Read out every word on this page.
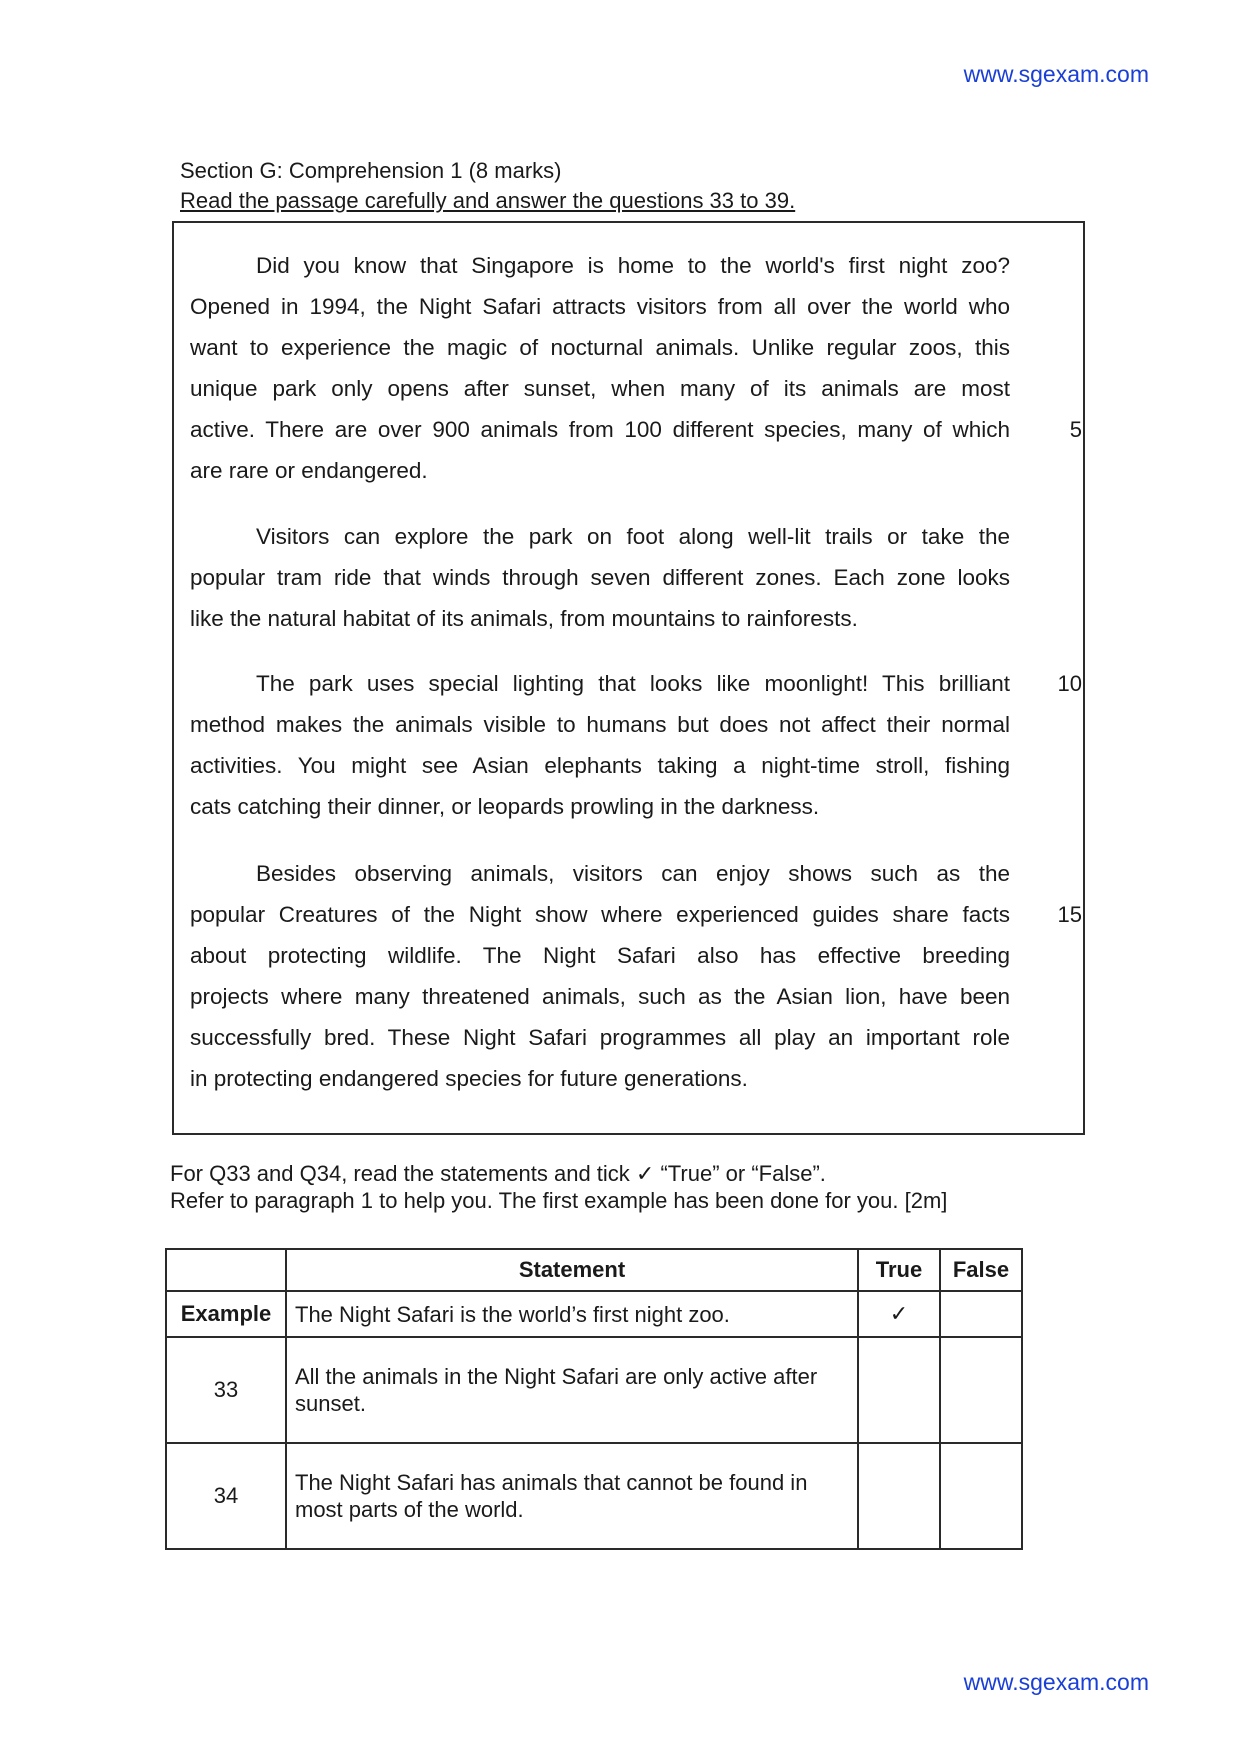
www.sgexam.com
Section G: Comprehension 1 (8 marks)
Read the passage carefully and answer the questions 33 to 39.
Did you know that Singapore is home to the world's first night zoo?
Opened in 1994, the Night Safari attracts visitors from all over the world who
want to experience the magic of nocturnal animals. Unlike regular zoos, this
unique park only opens after sunset, when many of its animals are most
active. There are over 900 animals from 100 different species, many of which	5
are rare or endangered.
Visitors can explore the park on foot along well-lit trails or take the
popular tram ride that winds through seven different zones. Each zone looks
like the natural habitat of its animals, from mountains to rainforests.
The park uses special lighting that looks like moonlight! This brilliant	10
method makes the animals visible to humans but does not affect their normal
activities. You might see Asian elephants taking a night-time stroll, fishing
cats catching their dinner, or leopards prowling in the darkness.
Besides observing animals, visitors can enjoy shows such as the
popular Creatures of the Night show where experienced guides share facts	15
about protecting wildlife. The Night Safari also has effective breeding
projects where many threatened animals, such as the Asian lion, have been
successfully bred. These Night Safari programmes all play an important role
in protecting endangered species for future generations.
For Q33 and Q34, read the statements and tick ✓ “True” or “False”.
Refer to paragraph 1 to help you. The first example has been done for you. [2m]
	Statement	True	False
Example	The Night Safari is the world’s first night zoo.	✓	
33	All the animals in the Night Safari are only active after sunset.		
34	The Night Safari has animals that cannot be found in most parts of the world.		
www.sgexam.com
